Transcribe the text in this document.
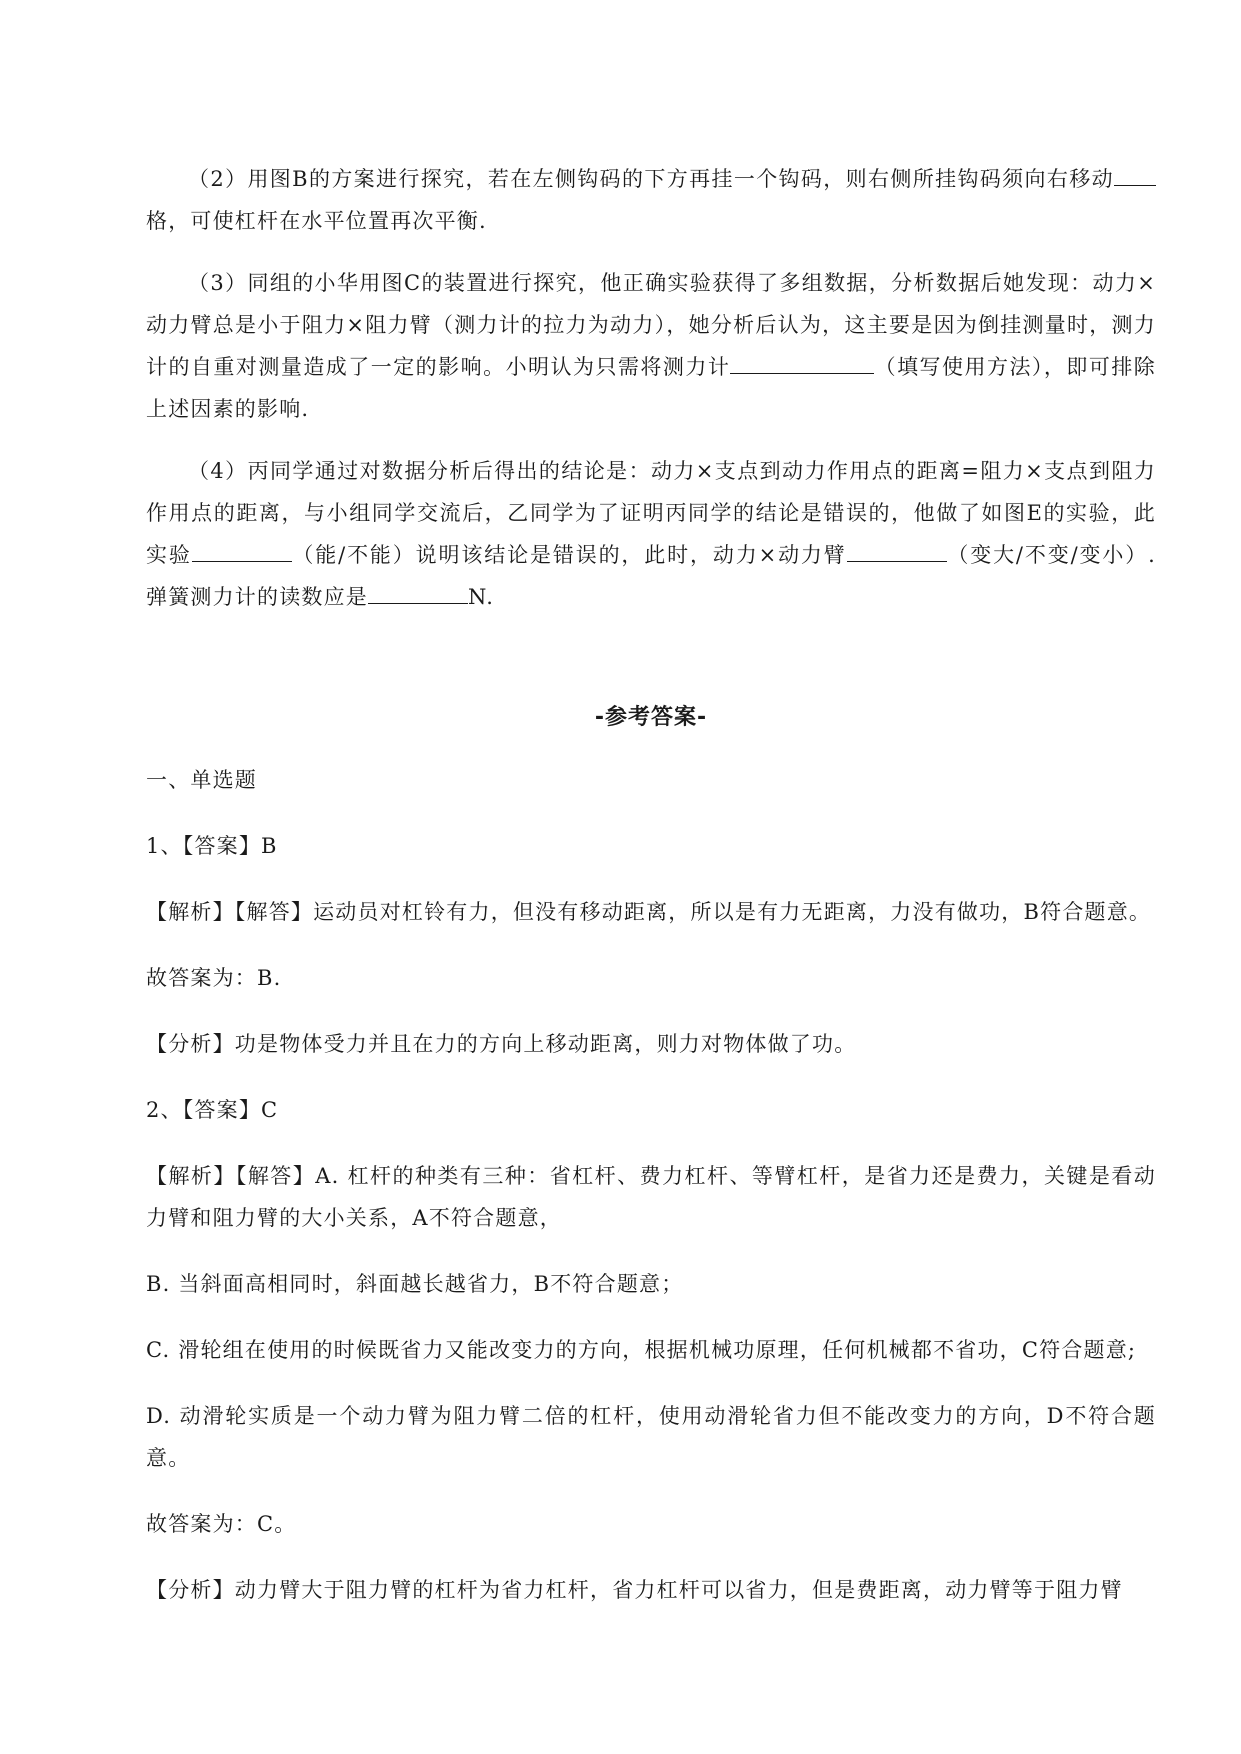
（2）用图B的方案进行探究，若在左侧钩码的下方再挂一个钩码，则右侧所挂钩码须向右移动格，可使杠杆在水平位置再次平衡.

（3）同组的小华用图C的装置进行探究，他正确实验获得了多组数据，分析数据后她发现：动力×动力臂总是小于阻力×阻力臂（测力计的拉力为动力），她分析后认为，这主要是因为倒挂测量时，测力计的自重对测量造成了一定的影响。小明认为只需将测力计	（填写使用方法），即可排除上述因素的影响.

（4）丙同学通过对数据分析后得出的结论是：动力×支点到动力作用点的距离=阻力×支点到阻力作用点的距离，与小组同学交流后，乙同学为了证明丙同学的结论是错误的，他做了如图E的实验，此实验	（能/不能）说明该结论是错误的，此时，动力×动力臂	（变大/不变/变小）. 弹簧测力计的读数应是	N.

-参考答案-
一、单选题
1、【答案】B
【解析】【解答】运动员对杠铃有力，但没有移动距离，所以是有力无距离，力没有做功，B符合题意。
故答案为：B.
【分析】功是物体受力并且在力的方向上移动距离，则力对物体做了功。
2、【答案】C
【解析】【解答】A. 杠杆的种类有三种：省杠杆、费力杠杆、等臂杠杆，是省力还是费力，关键是看动力臂和阻力臂的大小关系，A不符合题意，
B. 当斜面高相同时，斜面越长越省力，B不符合题意；
C. 滑轮组在使用的时候既省力又能改变力的方向，根据机械功原理，任何机械都不省功，C符合题意;
D. 动滑轮实质是一个动力臂为阻力臂二倍的杠杆，使用动滑轮省力但不能改变力的方向，D不符合题意。
故答案为：C。
【分析】动力臂大于阻力臂的杠杆为省力杠杆，省力杠杆可以省力，但是费距离，动力臂等于阻力臂
